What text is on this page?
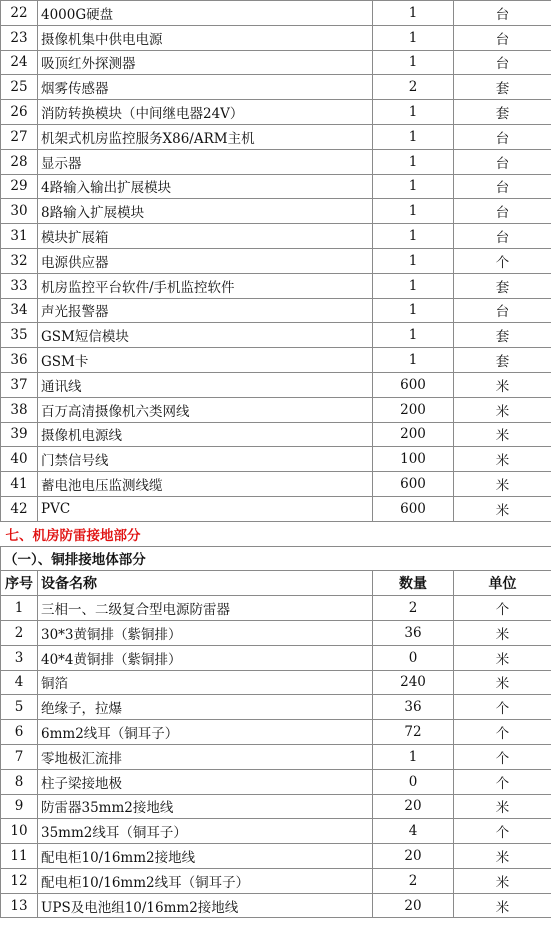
22	4000G硬盘	1	台
23	摄像机集中供电电源	1	台
24	吸顶红外探测器	1	台
25	烟雾传感器	2	套
26	消防转换模块（中间继电器24V）	1	套
27	机架式机房监控服务X86/ARM主机	1	台
28	显示器	1	台
29	4路输入输出扩展模块	1	台
30	8路输入扩展模块	1	台
31	模块扩展箱	1	台
32	电源供应器	1	个
33	机房监控平台软件/手机监控软件	1	套
34	声光报警器	1	台
35	GSM短信模块	1	套
36	GSM卡	1	套
37	通讯线	600	米
38	百万高清摄像机六类网线	200	米
39	摄像机电源线	200	米
40	门禁信号线	100	米
41	蓄电池电压监测线缆	600	米
42	PVC	600	米
七、机房防雷接地部分			
（一）、铜排接地体部分			
序号	设备名称	数量	单位
1	三相一、二级复合型电源防雷器	2	个
2	30*3黄铜排（紫铜排）	36	米
3	40*4黄铜排（紫铜排）	0	米
4	铜箔	240	米
5	绝缘子，拉爆	36	个
6	6mm2线耳（铜耳子）	72	个
7	零地极汇流排	1	个
8	柱子梁接地极	0	个
9	防雷器35mm2接地线	20	米
10	35mm2线耳（铜耳子）	4	个
11	配电柜10/16mm2接地线	20	米
12	配电柜10/16mm2线耳（铜耳子）	2	米
13	UPS及电池组10/16mm2接地线	20	米
